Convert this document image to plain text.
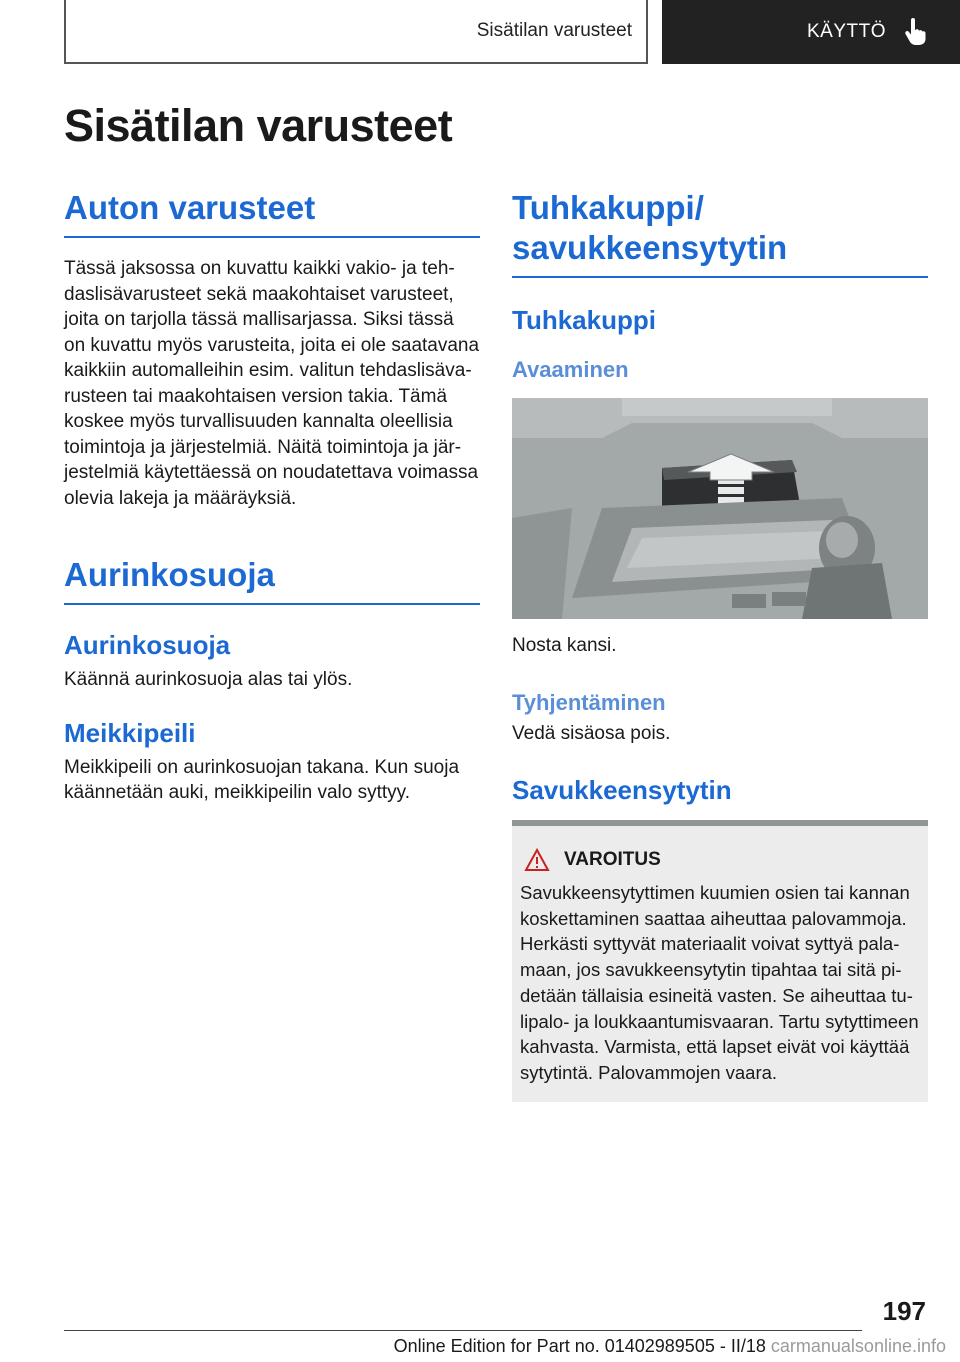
Sisätilan varusteet	KÄYTTÖ
Sisätilan varusteet
Auton varusteet

Tässä jaksossa on kuvattu kaikki vakio- ja tehdaslisävarusteet sekä maakohtaiset varusteet, joita on tarjolla tässä mallisarjassa. Siksi tässä on kuvattu myös varusteita, joita ei ole saatavana kaikkiin automalleihin esim. valitun tehdaslisävarusteen tai maakohtaisen version takia. Tämä koskee myös turvallisuuden kannalta oleellisia toimintoja ja järjestelmiä. Näitä toimintoja ja järjestelmiä käytettäessä on noudatettava voimassa olevia lakeja ja määräyksiä.

Aurinkosuoja
Aurinkosuoja

Käännä aurinkosuoja alas tai ylös.

Meikkipeili

Meikkipeili on aurinkosuojan takana. Kun suoja käännetään auki, meikkipeilin valo syttyy.

Tuhkakuppi/
savukkeensytytin
Tuhkakuppi
Avaaminen

Nosta kansi.

Tyhjentäminen

Vedä sisäosa pois.

Savukkeensytytin
VAROITUS

Savukkeensytyttimen kuumien osien tai kannan koskettaminen saattaa aiheuttaa palovammoja. Herkästi syttyvät materiaalit voivat syttyä palamaan, jos savukkeensytytin tipahtaa tai sitä pidetään tällaisia esineitä vasten. Se aiheuttaa tulipalo- ja loukkaantumisvaaran. Tartu sytyttimeen kahvasta. Varmista, että lapset eivät voi käyttää sytytintä. Palovammojen vaara.

197
Online Edition for Part no. 01402989505 - II/18 carmanualsonline.info
